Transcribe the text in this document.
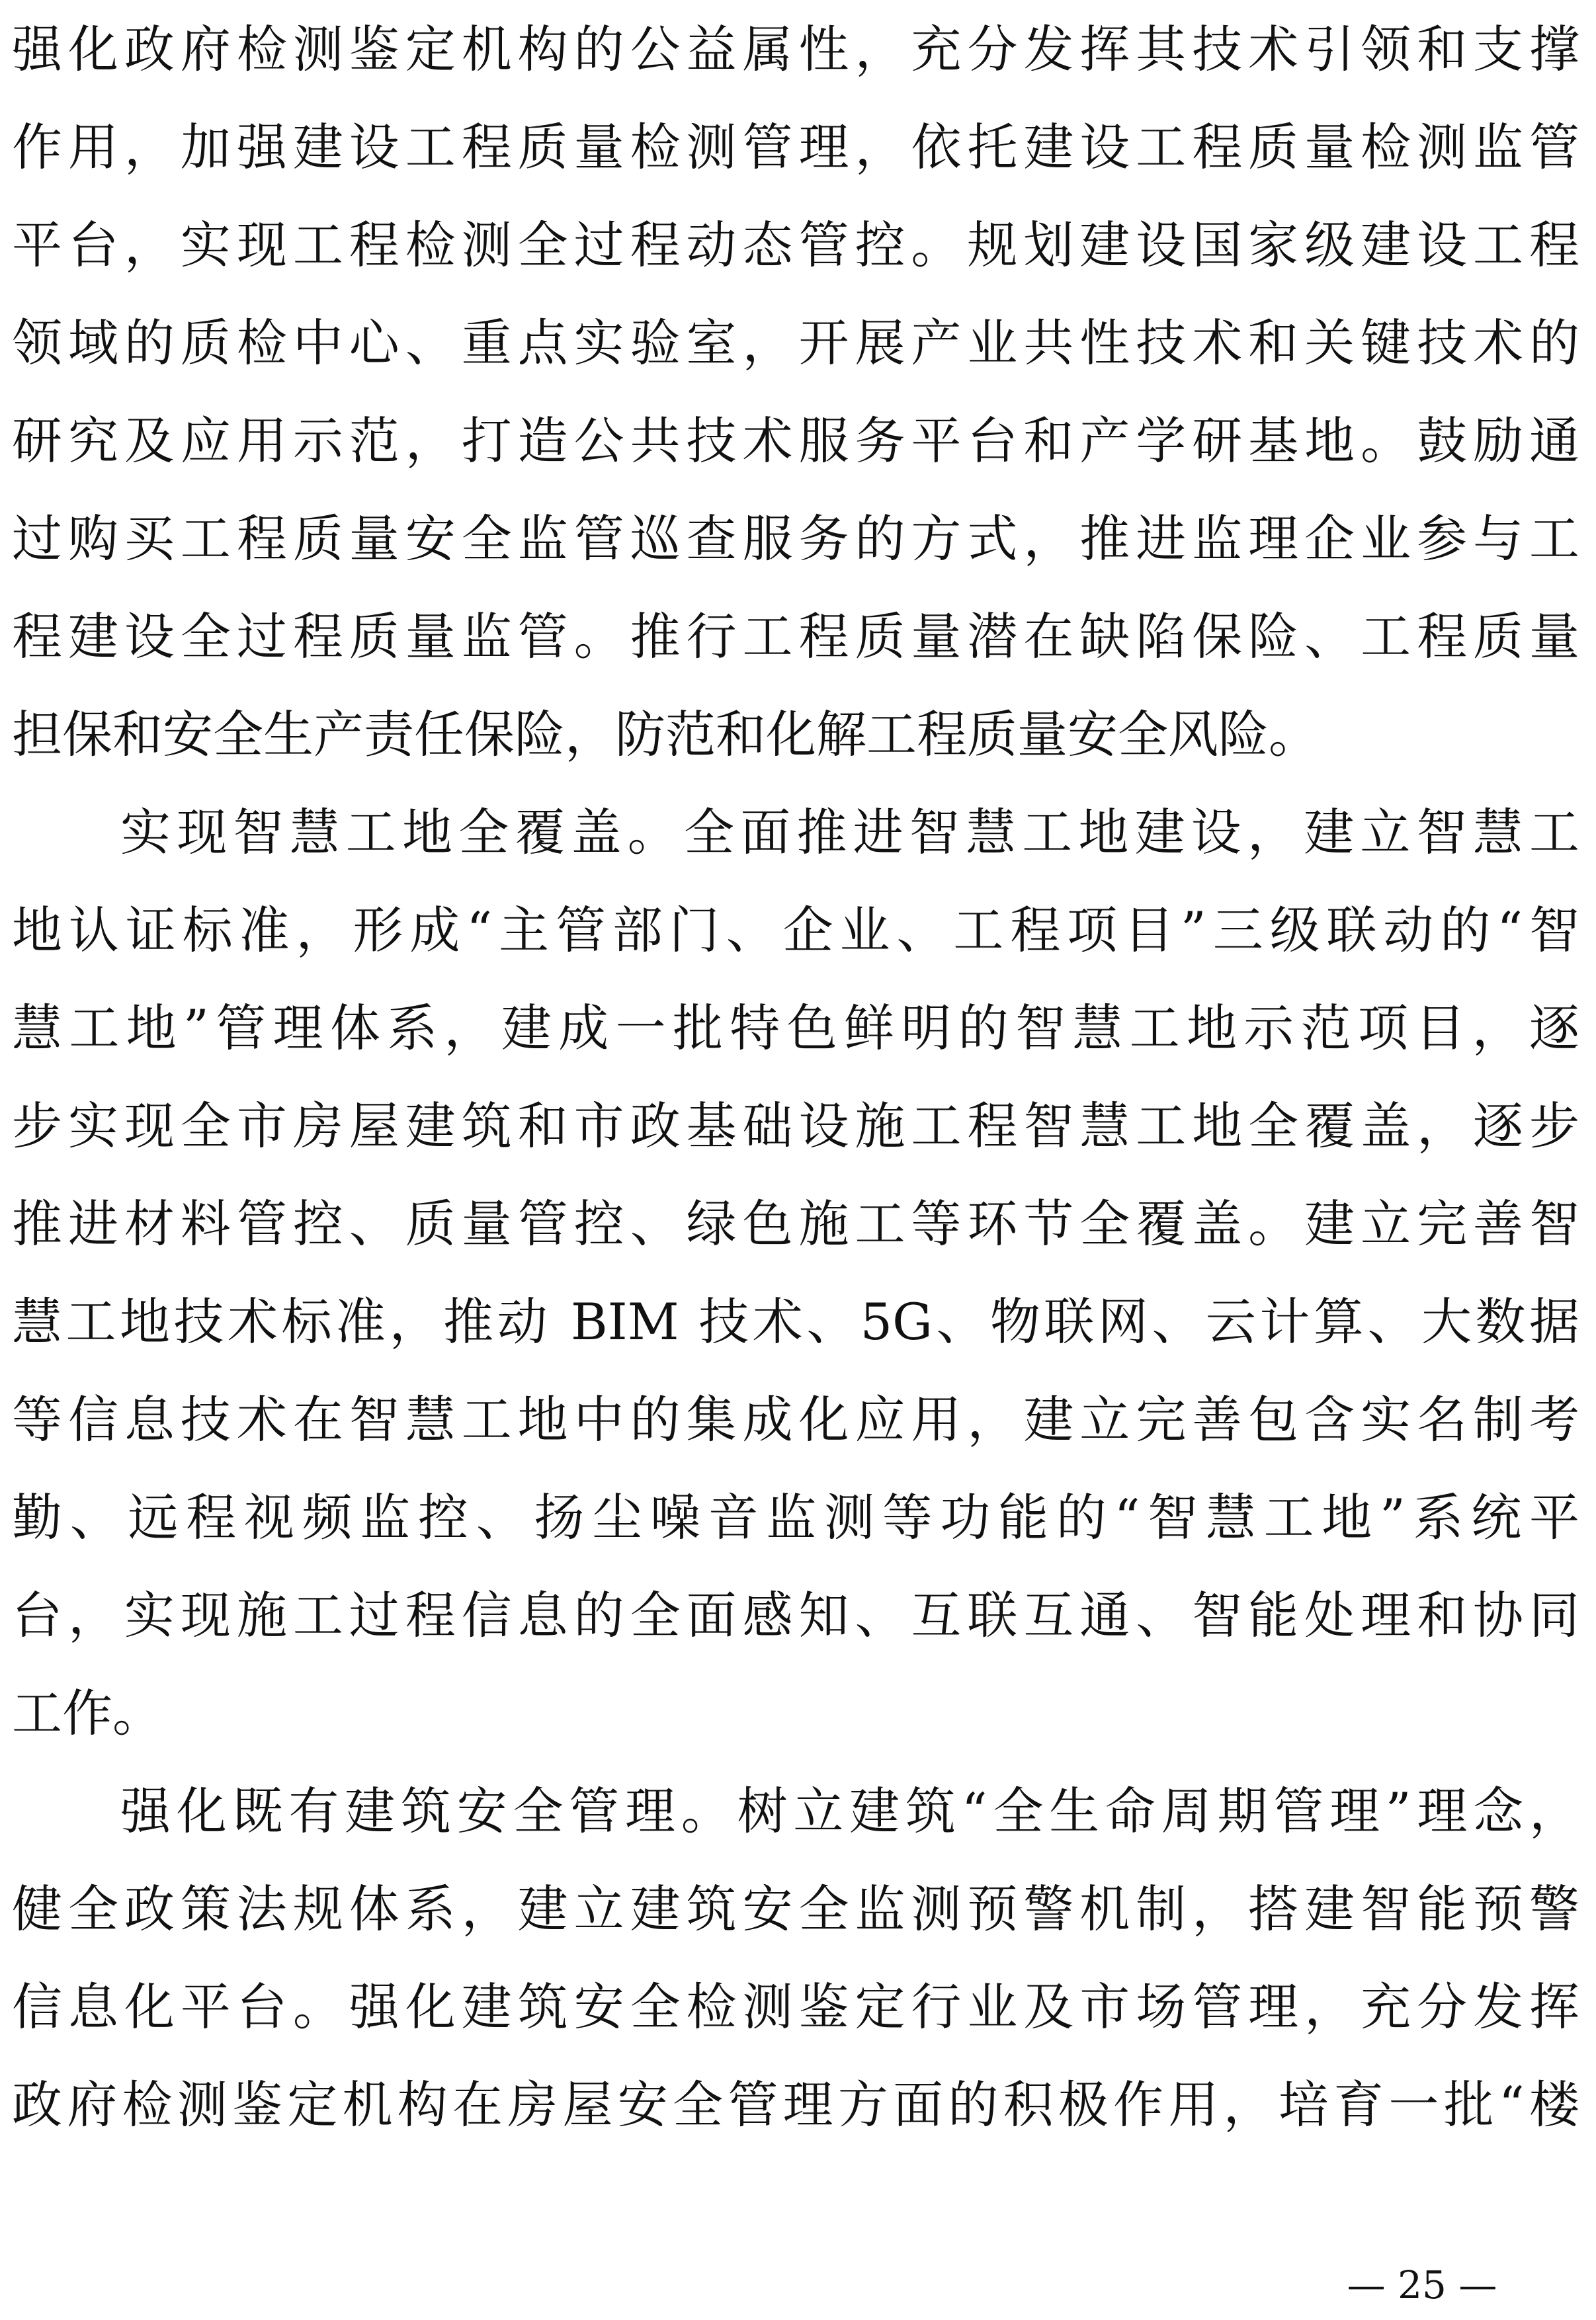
强化政府检测鉴定机构的公益属性，充分发挥其技术引领和支撑
作用，加强建设工程质量检测管理，依托建设工程质量检测监管
平台，实现工程检测全过程动态管控。规划建设国家级建设工程
领域的质检中心、重点实验室，开展产业共性技术和关键技术的
研究及应用示范，打造公共技术服务平台和产学研基地。鼓励通
过购买工程质量安全监管巡查服务的方式，推进监理企业参与工
程建设全过程质量监管。推行工程质量潜在缺陷保险、工程质量
担保和安全生产责任保险，防范和化解工程质量安全风险。
实现智慧工地全覆盖。全面推进智慧工地建设，建立智慧工
地认证标准，形成“主管部门、企业、工程项目”三级联动的“智
慧工地”管理体系，建成一批特色鲜明的智慧工地示范项目，逐
步实现全市房屋建筑和市政基础设施工程智慧工地全覆盖，逐步
推进材料管控、质量管控、绿色施工等环节全覆盖。建立完善智
慧工地技术标准，推动 BIM 技术、5G、物联网、云计算、大数据
等信息技术在智慧工地中的集成化应用，建立完善包含实名制考
勤、远程视频监控、扬尘噪音监测等功能的“智慧工地”系统平
台，实现施工过程信息的全面感知、互联互通、智能处理和协同
工作。
强化既有建筑安全管理。树立建筑“全生命周期管理”理念，
健全政策法规体系，建立建筑安全监测预警机制，搭建智能预警
信息化平台。强化建筑安全检测鉴定行业及市场管理，充分发挥
政府检测鉴定机构在房屋安全管理方面的积极作用，培育一批“楼
— 25 —
